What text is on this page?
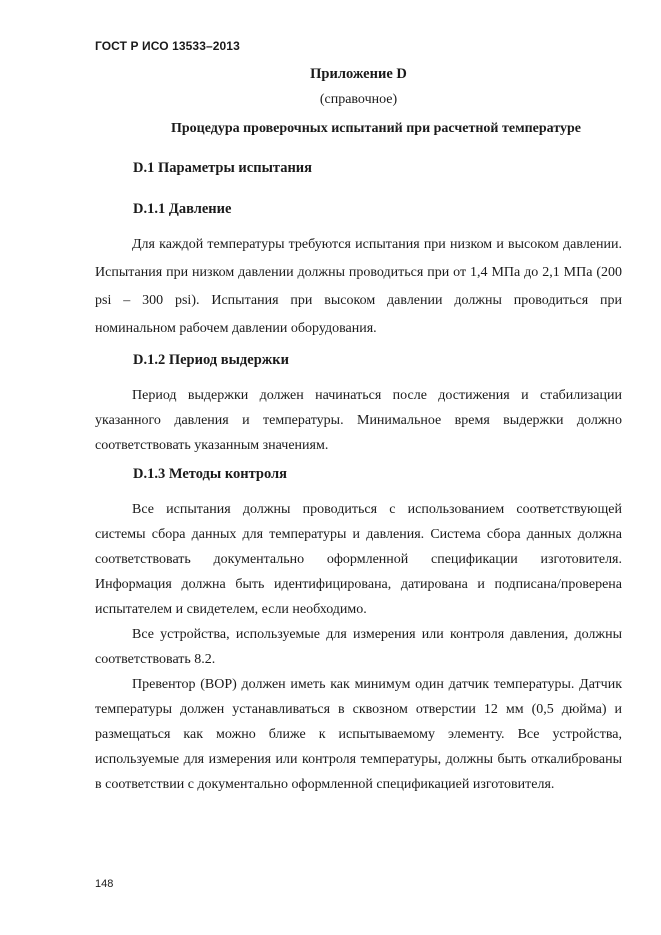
ГОСТ Р ИСО 13533–2013
Приложение D
(справочное)
Процедура проверочных испытаний при расчетной температуре
D.1 Параметры испытания
D.1.1 Давление

Для каждой температуры требуются испытания при низком и высоком давлении. Испытания при низком давлении должны проводиться при от 1,4 МПа до 2,1 МПа (200 psi – 300 psi). Испытания при высоком давлении должны проводиться при номинальном рабочем давлении оборудования.

D.1.2 Период выдержки

Период выдержки должен начинаться после достижения и стабилизации указанного давления и температуры. Минимальное время выдержки должно соответствовать указанным значениям.

D.1.3 Методы контроля

Все испытания должны проводиться с использованием соответствующей системы сбора данных для температуры и давления. Система сбора данных должна соответствовать документально оформленной спецификации изготовителя. Информация должна быть идентифицирована, датирована и подписана/проверена испытателем и свидетелем, если необходимо.

Все устройства, используемые для измерения или контроля давления, должны соответствовать 8.2.

Превентор (ВОР) должен иметь как минимум один датчик температуры. Датчик температуры должен устанавливаться в сквозном отверстии 12 мм (0,5 дюйма) и размещаться как можно ближе к испытываемому элементу. Все устройства, используемые для измерения или контроля температуры, должны быть откалиброваны в соответствии с документально оформленной спецификацией изготовителя.

148
